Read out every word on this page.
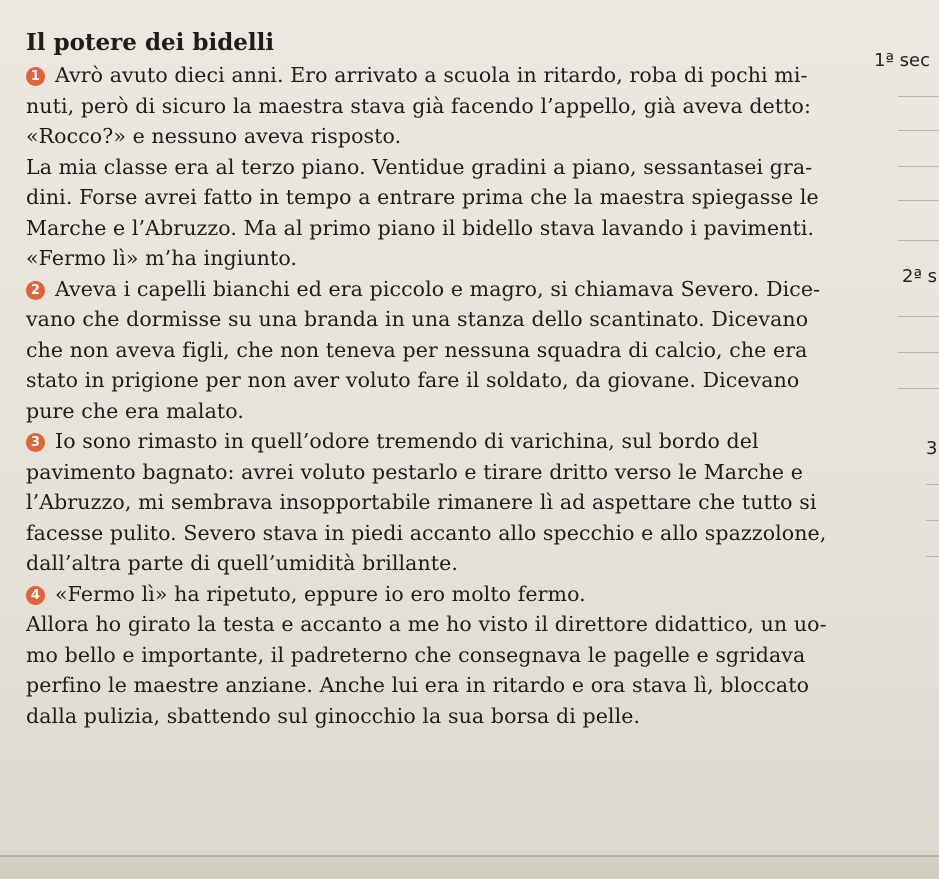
Il potere dei bidelli
1 Avrò avuto dieci anni. Ero arrivato a scuola in ritardo, roba di pochi mi-
nuti, però di sicuro la maestra stava già facendo l’appello, già aveva detto:
«Rocco?» e nessuno aveva risposto.
La mia classe era al terzo piano. Ventidue gradini a piano, sessantasei gra-
dini. Forse avrei fatto in tempo a entrare prima che la maestra spiegasse le
Marche e l’Abruzzo. Ma al primo piano il bidello stava lavando i pavimenti.
«Fermo lì» m’ha ingiunto.
2 Aveva i capelli bianchi ed era piccolo e magro, si chiamava Severo. Dice-
vano che dormisse su una branda in una stanza dello scantinato. Dicevano
che non aveva figli, che non teneva per nessuna squadra di calcio, che era
stato in prigione per non aver voluto fare il soldato, da giovane. Dicevano
pure che era malato.
3 Io sono rimasto in quell’odore tremendo di varichina, sul bordo del
pavimento bagnato: avrei voluto pestarlo e tirare dritto verso le Marche e
l’Abruzzo, mi sembrava insopportabile rimanere lì ad aspettare che tutto si
facesse pulito. Severo stava in piedi accanto allo specchio e allo spazzolone,
dall’altra parte di quell’umidità brillante.
4 «Fermo lì» ha ripetuto, eppure io ero molto fermo.
Allora ho girato la testa e accanto a me ho visto il direttore didattico, un uo-
mo bello e importante, il padreterno che consegnava le pagelle e sgridava
perfino le maestre anziane. Anche lui era in ritardo e ora stava lì, bloccato
dalla pulizia, sbattendo sul ginocchio la sua borsa di pelle.
1ª sec
2ª s
3
